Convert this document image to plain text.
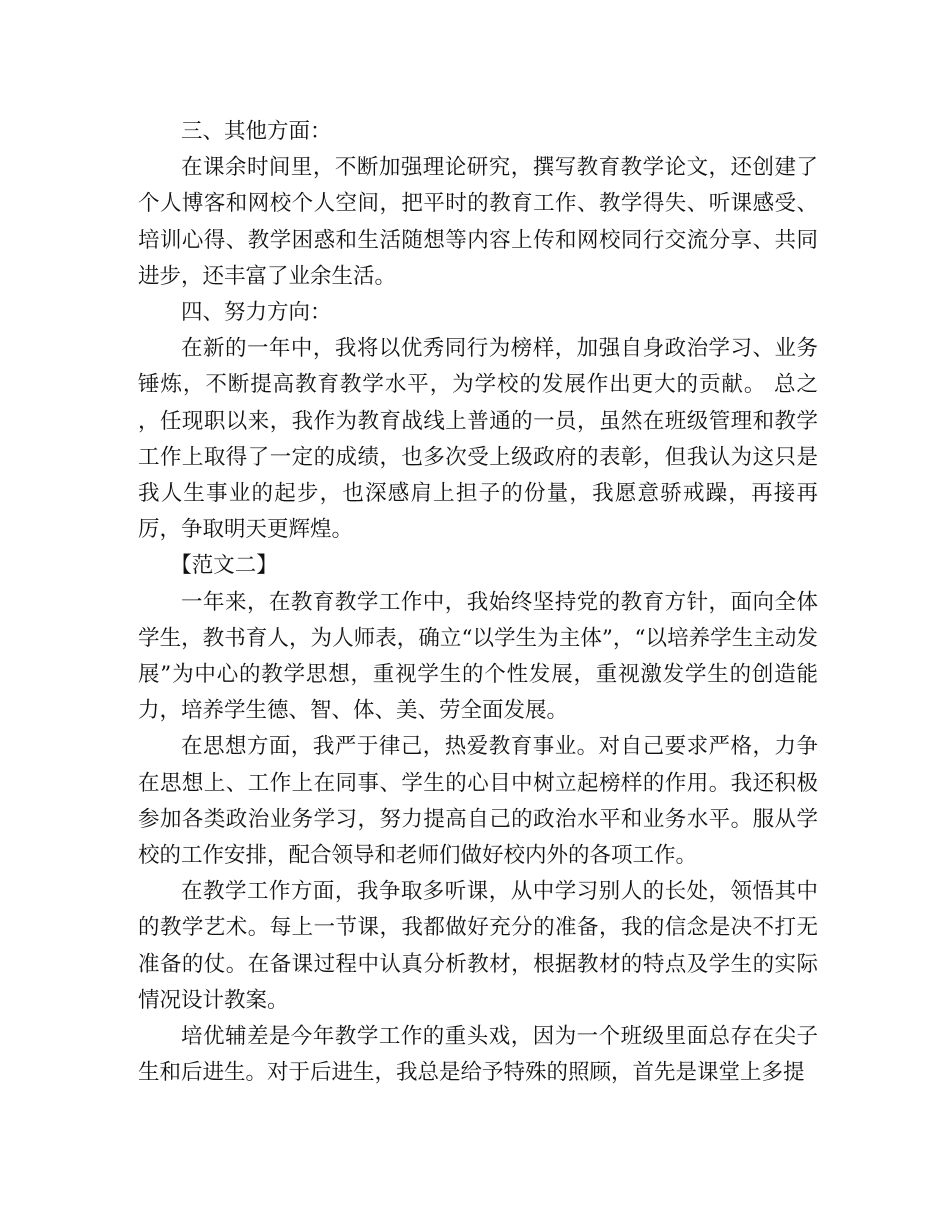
三、其他方面：

在课余时间里，不断加强理论研究，撰写教育教学论文，还创建了个人博客和网校个人空间，把平时的教育工作、教学得失、听课感受、培训心得、教学困惑和生活随想等内容上传和网校同行交流分享、共同进步，还丰富了业余生活。

四、努力方向：

在新的一年中，我将以优秀同行为榜样，加强自身政治学习、业务锤炼，不断提高教育教学水平，为学校的发展作出更大的贡献。 总之 ，任现职以来，我作为教育战线上普通的一员，虽然在班级管理和教学工作上取得了一定的成绩，也多次受上级政府的表彰，但我认为这只是我人生事业的起步，也深感肩上担子的份量，我愿意骄戒躁，再接再厉，争取明天更辉煌。

【范文二】

一年来，在教育教学工作中，我始终坚持党的教育方针，面向全体学生，教书育人，为人师表，确立“以学生为主体”，“以培养学生主动发展”为中心的教学思想，重视学生的个性发展，重视激发学生的创造能力，培养学生德、智、体、美、劳全面发展。

在思想方面，我严于律己，热爱教育事业。对自己要求严格，力争在思想上、工作上在同事、学生的心目中树立起榜样的作用。我还积极参加各类政治业务学习，努力提高自己的政治水平和业务水平。服从学校的工作安排，配合领导和老师们做好校内外的各项工作。

在教学工作方面，我争取多听课，从中学习别人的长处，领悟其中的教学艺术。每上一节课，我都做好充分的准备，我的信念是决不打无准备的仗。在备课过程中认真分析教材，根据教材的特点及学生的实际情况设计教案。

培优辅差是今年教学工作的重头戏，因为一个班级里面总存在尖子生和后进生。对于后进生，我总是给予特殊的照顾，首先是课堂上多提
